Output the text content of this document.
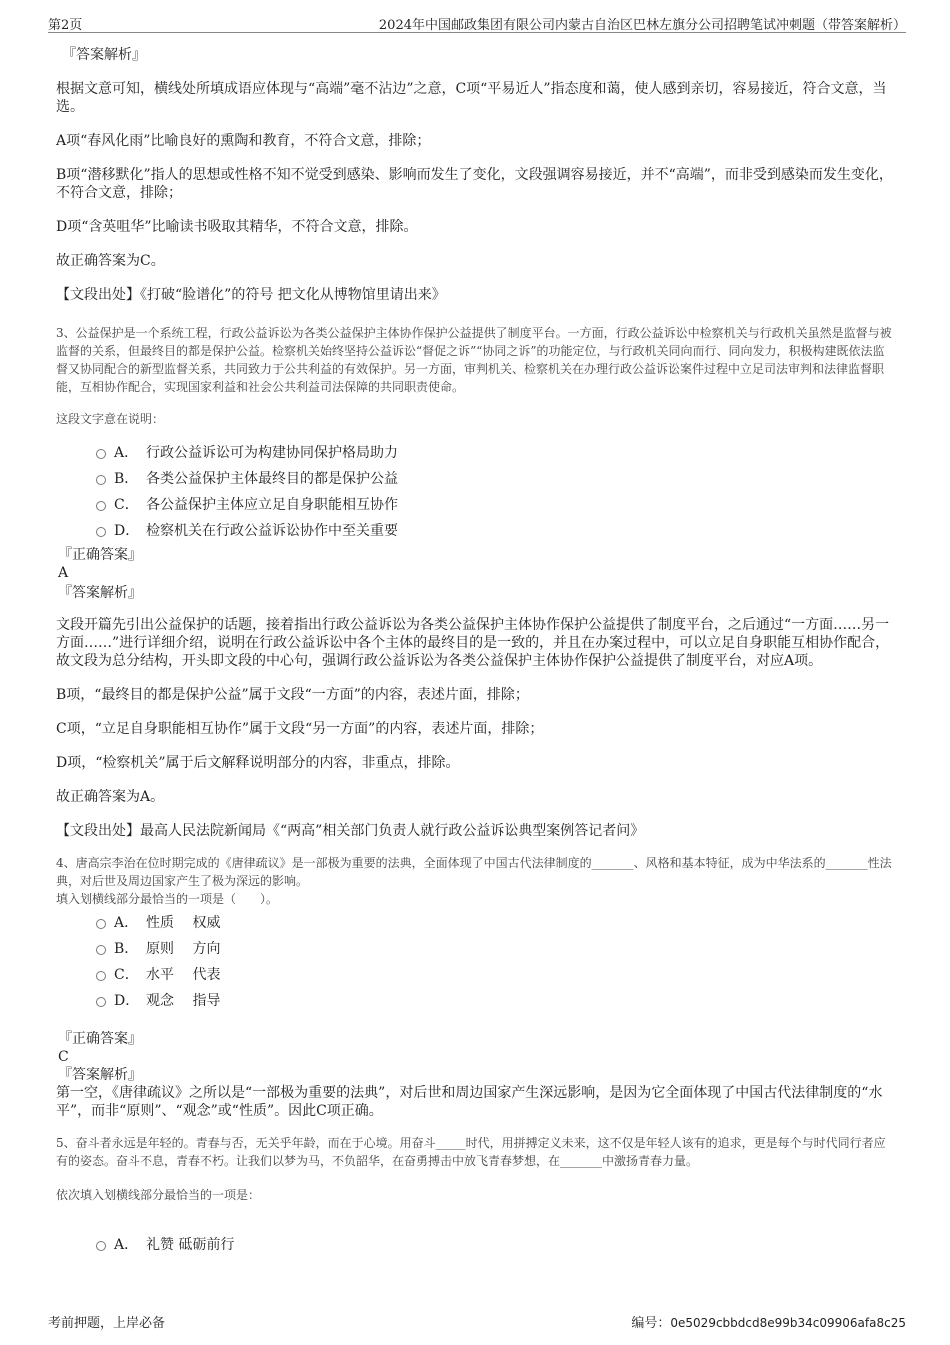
第2页	2024年中国邮政集团有限公司内蒙古自治区巴林左旗分公司招聘笔试冲刺题（带答案解析）
『答案解析』

根据文意可知，横线处所填成语应体现与“高端”毫不沾边”之意，C项“平易近人”指态度和蔼，使人感到亲切，容易接近，符合文意，当选。

A项“春风化雨”比喻良好的熏陶和教育，不符合文意，排除；

B项“潜移默化”指人的思想或性格不知不觉受到感染、影响而发生了变化，文段强调容易接近，并不“高端”，而非受到感染而发生变化，不符合文意，排除；

D项“含英咀华”比喻读书吸取其精华，不符合文意，排除。

故正确答案为C。

【文段出处】《打破“脸谱化”的符号 把文化从博物馆里请出来》

3、公益保护是一个系统工程，行政公益诉讼为各类公益保护主体协作保护公益提供了制度平台。一方面，行政公益诉讼中检察机关与行政机关虽然是监督与被监督的关系，但最终目的都是保护公益。检察机关始终坚持公益诉讼“督促之诉”“协同之诉”的功能定位，与行政机关同向而行、同向发力，积极构建既依法监督又协同配合的新型监督关系，共同致力于公共利益的有效保护。另一方面，审判机关、检察机关在办理行政公益诉讼案件过程中立足司法审判和法律监督职能，互相协作配合，实现国家利益和社会公共利益司法保障的共同职责使命。

这段文字意在说明：

A． 行政公益诉讼可为构建协同保护格局助力
B． 各类公益保护主体最终目的都是保护公益
C． 各公益保护主体应立足自身职能相互协作
D． 检察机关在行政公益诉讼协作中至关重要
『正确答案』
A
『答案解析』

文段开篇先引出公益保护的话题，接着指出行政公益诉讼为各类公益保护主体协作保护公益提供了制度平台，之后通过“一方面……另一方面……”进行详细介绍，说明在行政公益诉讼中各个主体的最终目的是一致的，并且在办案过程中，可以立足自身职能互相协作配合，故文段为总分结构，开头即文段的中心句，强调行政公益诉讼为各类公益保护主体协作保护公益提供了制度平台，对应A项。

B项，“最终目的都是保护公益”属于文段“一方面”的内容，表述片面，排除；

C项，“立足自身职能相互协作”属于文段“另一方面”的内容，表述片面，排除；

D项，“检察机关”属于后文解释说明部分的内容，非重点，排除。

故正确答案为A。

【文段出处】最高人民法院新闻局《“两高”相关部门负责人就行政公益诉讼典型案例答记者问》

4、唐高宗李治在位时期完成的《唐律疏议》是一部极为重要的法典，全面体现了中国古代法律制度的_______、风格和基本特征，成为中华法系的_______性法典，对后世及周边国家产生了极为深远的影响。

填入划横线部分最恰当的一项是（　　）。

A． 性质　 权威
B． 原则　 方向
C． 水平　 代表
D． 观念　 指导
『正确答案』
C
『答案解析』

第一空，《唐律疏议》之所以是“一部极为重要的法典”，对后世和周边国家产生深远影响，是因为它全面体现了中国古代法律制度的“水平”，而非“原则”、“观念”或“性质”。因此C项正确。

5、奋斗者永远是年轻的。青春与否，无关乎年龄，而在于心境。用奋斗_____时代，用拼搏定义未来，这不仅是年轻人该有的追求，更是每个与时代同行者应有的姿态。奋斗不息，青春不朽。让我们以梦为马，不负韶华，在奋勇搏击中放飞青春梦想，在_______中激扬青春力量。

依次填入划横线部分最恰当的一项是：

A． 礼赞 砥砺前行
考前押题，上岸必备	编号：0e5029cbbdcd8e99b34c09906afa8c25
